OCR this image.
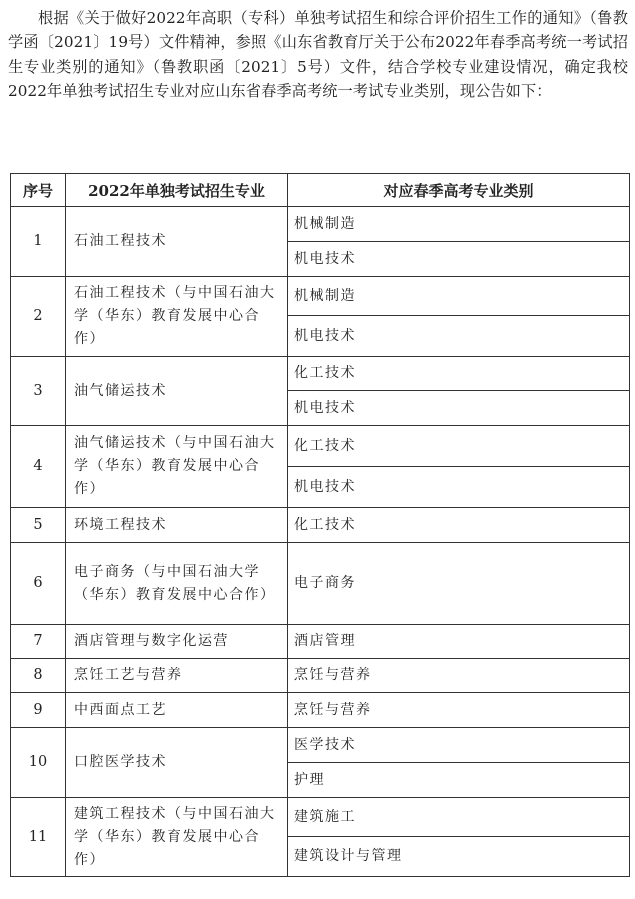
根据《关于做好2022年高职（专科）单独考试招生和综合评价招生工作的通知》（鲁教学函〔2021〕19号）文件精神，参照《山东省教育厅关于公布2022年春季高考统一考试招生专业类别的通知》（鲁教职函〔2021〕5号）文件，结合学校专业建设情况，确定我校2022年单独考试招生专业对应山东省春季高考统一考试专业类别，现公告如下：

序号	2022年单独考试招生专业	对应春季高考专业类别
1	石油工程技术	机械制造
		机电技术
2	石油工程技术（与中国石油大学（华东）教育发展中心合作）	机械制造
		机电技术
3	油气储运技术	化工技术
		机电技术
4	油气储运技术（与中国石油大学（华东）教育发展中心合作）	化工技术
		机电技术
5	环境工程技术	化工技术
6	电子商务（与中国石油大学（华东）教育发展中心合作）	电子商务
7	酒店管理与数字化运营	酒店管理
8	烹饪工艺与营养	烹饪与营养
9	中西面点工艺	烹饪与营养
10	口腔医学技术	医学技术
		护理
11	建筑工程技术（与中国石油大学（华东）教育发展中心合作）	建筑施工
		建筑设计与管理
